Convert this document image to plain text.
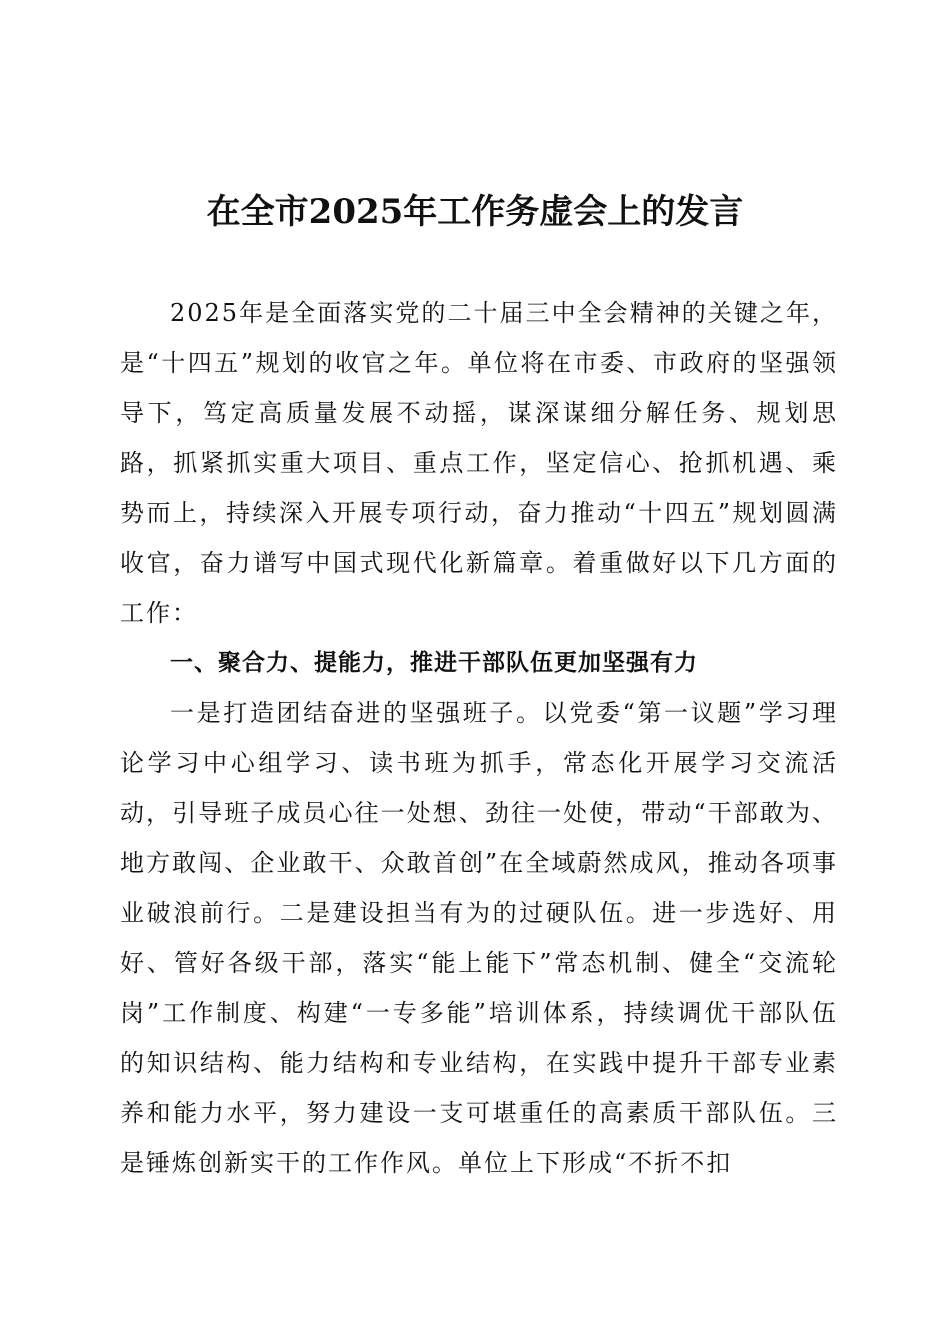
在全市2025年工作务虚会上的发言

2025年是全面落实党的二十届三中全会精神的关键之年，是“十四五”规划的收官之年。单位将在市委、市政府的坚强领导下，笃定高质量发展不动摇，谋深谋细分解任务、规划思路，抓紧抓实重大项目、重点工作，坚定信心、抢抓机遇、乘势而上，持续深入开展专项行动，奋力推动“十四五”规划圆满收官，奋力谱写中国式现代化新篇章。着重做好以下几方面的工作：

一、聚合力、提能力，推进干部队伍更加坚强有力

一是打造团结奋进的坚强班子。以党委“第一议题”学习理论学习中心组学习、读书班为抓手，常态化开展学习交流活动，引导班子成员心往一处想、劲往一处使，带动“干部敢为、地方敢闯、企业敢干、众敢首创”在全域蔚然成风，推动各项事业破浪前行。二是建设担当有为的过硬队伍。进一步选好、用好、管好各级干部，落实“能上能下”常态机制、健全“交流轮岗”工作制度、构建“一专多能”培训体系，持续调优干部队伍的知识结构、能力结构和专业结构，在实践中提升干部专业素养和能力水平，努力建设一支可堪重任的高素质干部队伍。三是锤炼创新实干的工作作风。单位上下形成“不折不扣
